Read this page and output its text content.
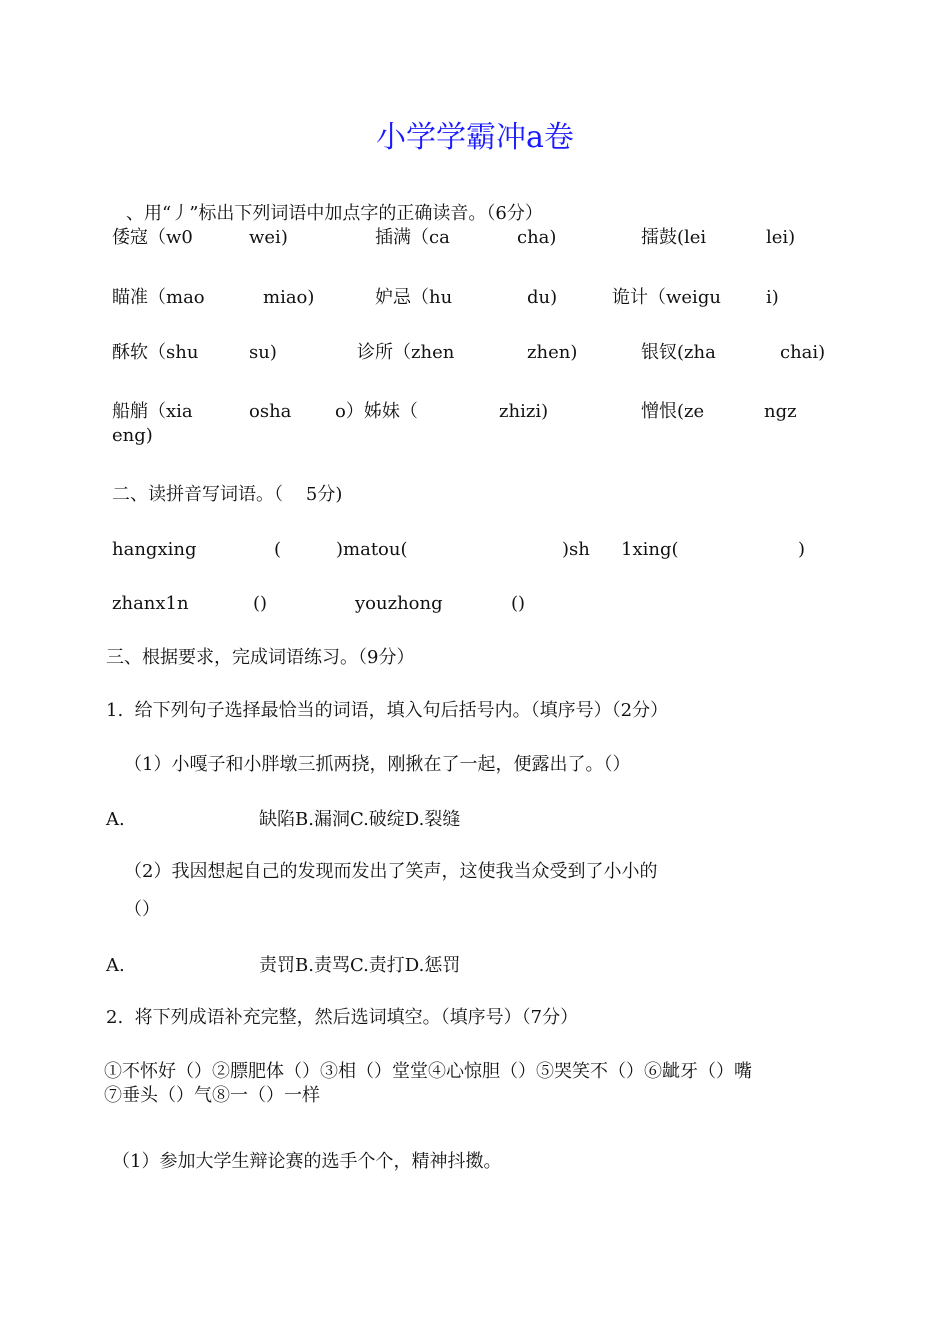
小学学霸冲a卷
、用“丿”标出下列词语中加点字的正确读音。（6分）
倭寇（w0	wei)	插满（ca	cha)	擂鼓(lei	lei)
瞄准（mao	miao)	妒忌（hu	du)	诡计（weigu	i)
酥软（shu	su)	诊所（zhen	zhen)	银钗(zha	chai)
船艄（xia	osha o）姊妹（	zhizi)	憎恨(ze	ngz
eng)
二、读拼音写词语。（    5分)
hangxing	(	)matou(	)sh 1xing(	)
zhanx1n	()	youzhong	()
三、根据要求，完成词语练习。（9分）
1.  给下列句子选择最恰当的词语，填入句后括号内。（填序号）（2分）
（1）小嘎子和小胖墩三抓两挠，刚揪在了一起，便露出了。（）
A.	缺陷B.漏洞C.破绽D.裂缝
（2）我因想起自己的发现而发出了笑声，这使我当众受到了小小的
（）
A.	责罚B.责骂C.责打D.惩罚
2.  将下列成语补充完整，然后选词填空。（填序号）（7分）
①不怀好（）②膘肥体（）③相（）堂堂④心惊胆（）⑤哭笑不（）⑥龇牙（）嘴
⑦垂头（）气⑧一（）一样
（1）参加大学生辩论赛的选手个个，精神抖擞。
